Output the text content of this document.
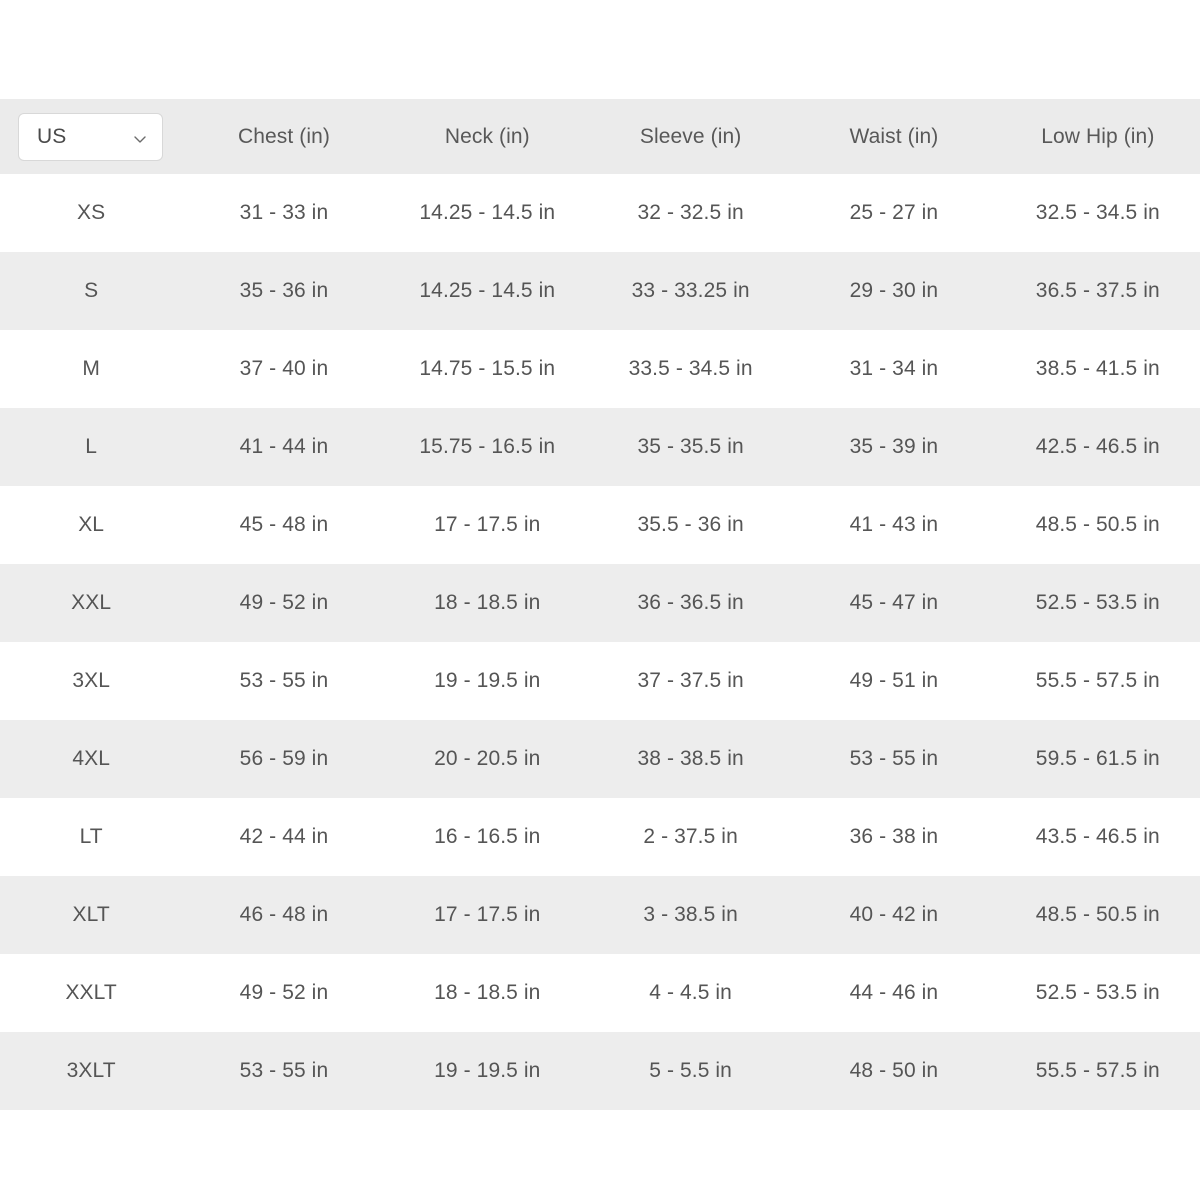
US	Chest (in)	Neck (in)	Sleeve (in)	Waist (in)	Low Hip (in)
XS	31 - 33 in	14.25 - 14.5 in	32 - 32.5 in	25 - 27 in	32.5 - 34.5 in
S	35 - 36 in	14.25 - 14.5 in	33 - 33.25 in	29 - 30 in	36.5 - 37.5 in
M	37 - 40 in	14.75 - 15.5 in	33.5 - 34.5 in	31 - 34 in	38.5 - 41.5 in
L	41 - 44 in	15.75 - 16.5 in	35 - 35.5 in	35 - 39 in	42.5 - 46.5 in
XL	45 - 48 in	17 - 17.5 in	35.5 - 36 in	41 - 43 in	48.5 - 50.5 in
XXL	49 - 52 in	18 - 18.5 in	36 - 36.5 in	45 - 47 in	52.5 - 53.5 in
3XL	53 - 55 in	19 - 19.5 in	37 - 37.5 in	49 - 51 in	55.5 - 57.5 in
4XL	56 - 59 in	20 - 20.5 in	38 - 38.5 in	53 - 55 in	59.5 - 61.5 in
LT	42 - 44 in	16 - 16.5 in	2 - 37.5 in	36 - 38 in	43.5 - 46.5 in
XLT	46 - 48 in	17 - 17.5 in	3 - 38.5 in	40 - 42 in	48.5 - 50.5 in
XXLT	49 - 52 in	18 - 18.5 in	4 - 4.5 in	44 - 46 in	52.5 - 53.5 in
3XLT	53 - 55 in	19 - 19.5 in	5 - 5.5 in	48 - 50 in	55.5 - 57.5 in
